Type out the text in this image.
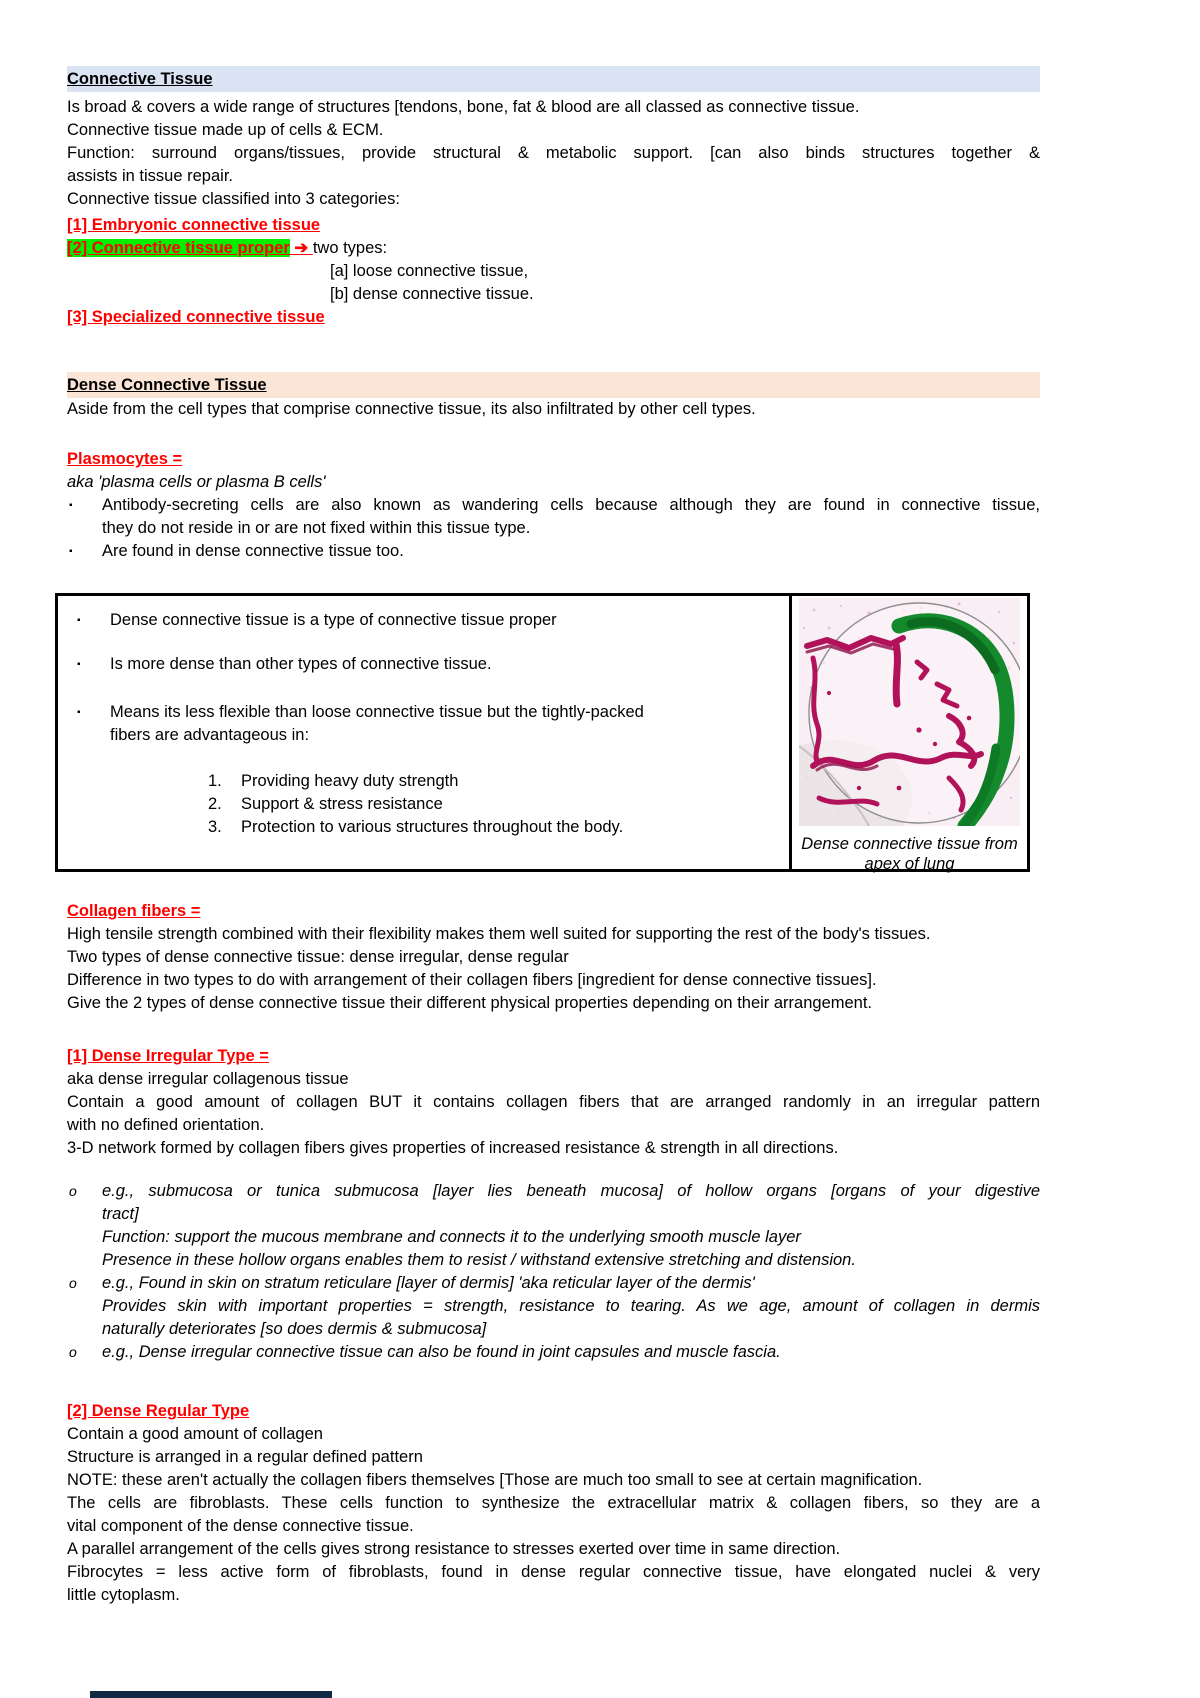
Connective Tissue
Is broad & covers a wide range of structures [tendons, bone, fat & blood are all classed as connective tissue.
Connective tissue made up of cells & ECM.
Function: surround organs/tissues, provide structural & metabolic support. [can also binds structures together &
assists in tissue repair.
Connective tissue classified into 3 categories:
[1] Embryonic connective tissue
[2] Connective tissue proper ➔ two types:
[a] loose connective tissue,
[b] dense connective tissue.
[3] Specialized connective tissue
Dense Connective Tissue
Aside from the cell types that comprise connective tissue, its also infiltrated by other cell types.
Plasmocytes =
aka 'plasma cells or plasma B cells'
▪	Antibody-secreting cells are also known as wandering cells because although they are found in connective tissue,
they do not reside in or are not fixed within this tissue type.
▪	Are found in dense connective tissue too.
▪	Dense connective tissue is a type of connective tissue proper
▪	Is more dense than other types of connective tissue.
▪	Means its less flexible than loose connective tissue but the tightly-packed
fibers are advantageous in:
1.	Providing heavy duty strength
2.	Support & stress resistance
3.	Protection to various structures throughout the body.
Dense connective tissue from
apex of lung
Collagen fibers =
High tensile strength combined with their flexibility makes them well suited for supporting the rest of the body's tissues.
Two types of dense connective tissue: dense irregular, dense regular
Difference in two types to do with arrangement of their collagen fibers [ingredient for dense connective tissues].
Give the 2 types of dense connective tissue their different physical properties depending on their arrangement.
[1] Dense Irregular Type =
aka dense irregular collagenous tissue
Contain a good amount of collagen BUT it contains collagen fibers that are arranged randomly in an irregular pattern
with no defined orientation.
3-D network formed by collagen fibers gives properties of increased resistance & strength in all directions.
o	e.g., submucosa or tunica submucosa [layer lies beneath mucosa] of hollow organs [organs of your digestive
tract]
Function: support the mucous membrane and connects it to the underlying smooth muscle layer
Presence in these hollow organs enables them to resist / withstand extensive stretching and distension.
o	e.g., Found in skin on stratum reticulare [layer of dermis] 'aka reticular layer of the dermis'
Provides skin with important properties = strength, resistance to tearing. As we age, amount of collagen in dermis
naturally deteriorates [so does dermis & submucosa]
o	e.g., Dense irregular connective tissue can also be found in joint capsules and muscle fascia.
[2] Dense Regular Type
Contain a good amount of collagen
Structure is arranged in a regular defined pattern
NOTE: these aren't actually the collagen fibers themselves [Those are much too small to see at certain magnification.
The cells are fibroblasts. These cells function to synthesize the extracellular matrix & collagen fibers, so they are a
vital component of the dense connective tissue.
A parallel arrangement of the cells gives strong resistance to stresses exerted over time in same direction.
Fibrocytes = less active form of fibroblasts, found in dense regular connective tissue, have elongated nuclei & very
little cytoplasm.
